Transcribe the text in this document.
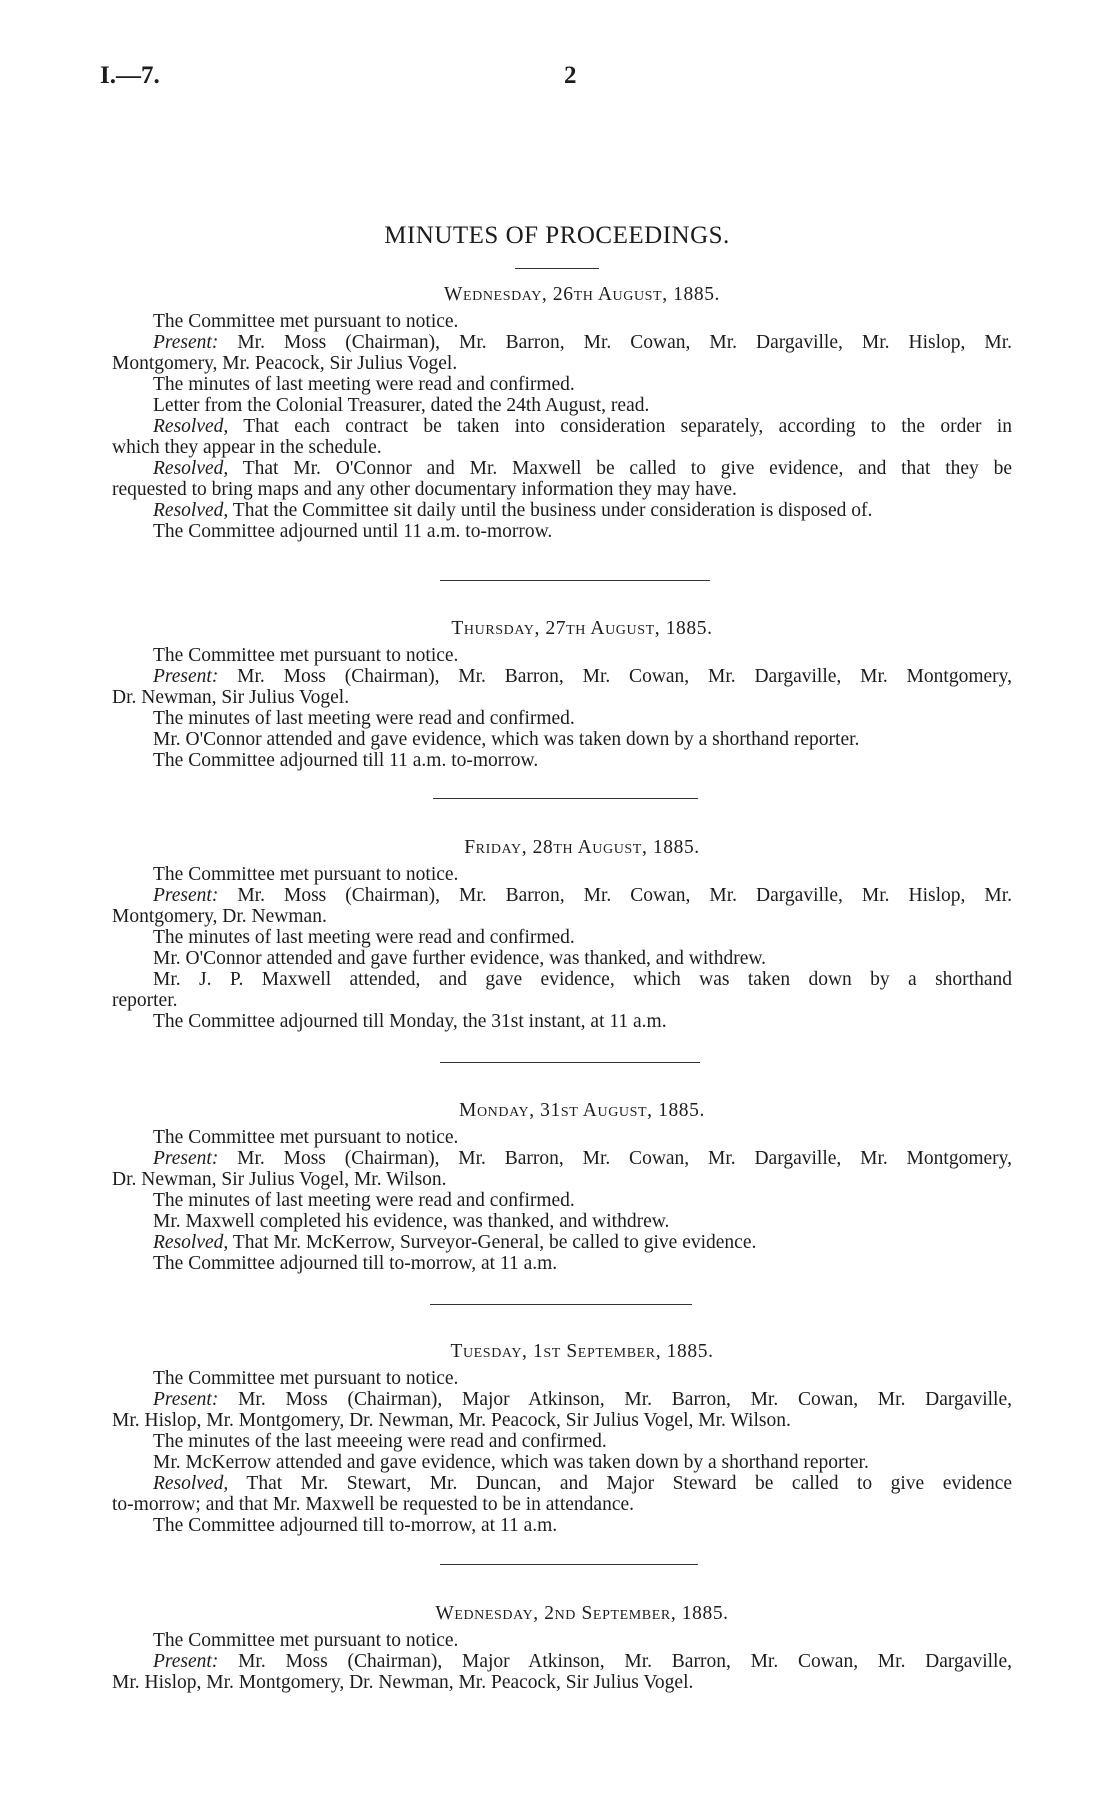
I.—7.	2
MINUTES OF PROCEEDINGS.
Wednesday, 26th August, 1885.
The Committee met pursuant to notice.
Present: Mr. Moss (Chairman), Mr. Barron, Mr. Cowan, Mr. Dargaville, Mr. Hislop, Mr.
Montgomery, Mr. Peacock, Sir Julius Vogel.
The minutes of last meeting were read and confirmed.
Letter from the Colonial Treasurer, dated the 24th August, read.
Resolved, That each contract be taken into consideration separately, according to the order in
which they appear in the schedule.
Resolved, That Mr. O'Connor and Mr. Maxwell be called to give evidence, and that they be
requested to bring maps and any other documentary information they may have.
Resolved, That the Committee sit daily until the business under consideration is disposed of.
The Committee adjourned until 11 a.m. to-morrow.
Thursday, 27th August, 1885.
The Committee met pursuant to notice.
Present: Mr. Moss (Chairman), Mr. Barron, Mr. Cowan, Mr. Dargaville, Mr. Montgomery,
Dr. Newman, Sir Julius Vogel.
The minutes of last meeting were read and confirmed.
Mr. O'Connor attended and gave evidence, which was taken down by a shorthand reporter.
The Committee adjourned till 11 a.m. to-morrow.
Friday, 28th August, 1885.
The Committee met pursuant to notice.
Present: Mr. Moss (Chairman), Mr. Barron, Mr. Cowan, Mr. Dargaville, Mr. Hislop, Mr.
Montgomery, Dr. Newman.
The minutes of last meeting were read and confirmed.
Mr. O'Connor attended and gave further evidence, was thanked, and withdrew.
Mr. J. P. Maxwell attended, and gave evidence, which was taken down by a shorthand
reporter.
The Committee adjourned till Monday, the 31st instant, at 11 a.m.
Monday, 31st August, 1885.
The Committee met pursuant to notice.
Present: Mr. Moss (Chairman), Mr. Barron, Mr. Cowan, Mr. Dargaville, Mr. Montgomery,
Dr. Newman, Sir Julius Vogel, Mr. Wilson.
The minutes of last meeting were read and confirmed.
Mr. Maxwell completed his evidence, was thanked, and withdrew.
Resolved, That Mr. McKerrow, Surveyor-General, be called to give evidence.
The Committee adjourned till to-morrow, at 11 a.m.
Tuesday, 1st September, 1885.
The Committee met pursuant to notice.
Present: Mr. Moss (Chairman), Major Atkinson, Mr. Barron, Mr. Cowan, Mr. Dargaville,
Mr. Hislop, Mr. Montgomery, Dr. Newman, Mr. Peacock, Sir Julius Vogel, Mr. Wilson.
The minutes of the last meeeing were read and confirmed.
Mr. McKerrow attended and gave evidence, which was taken down by a shorthand reporter.
Resolved, That Mr. Stewart, Mr. Duncan, and Major Steward be called to give evidence
to-morrow; and that Mr. Maxwell be requested to be in attendance.
The Committee adjourned till to-morrow, at 11 a.m.
Wednesday, 2nd September, 1885.
The Committee met pursuant to notice.
Present: Mr. Moss (Chairman), Major Atkinson, Mr. Barron, Mr. Cowan, Mr. Dargaville,
Mr. Hislop, Mr. Montgomery, Dr. Newman, Mr. Peacock, Sir Julius Vogel.
